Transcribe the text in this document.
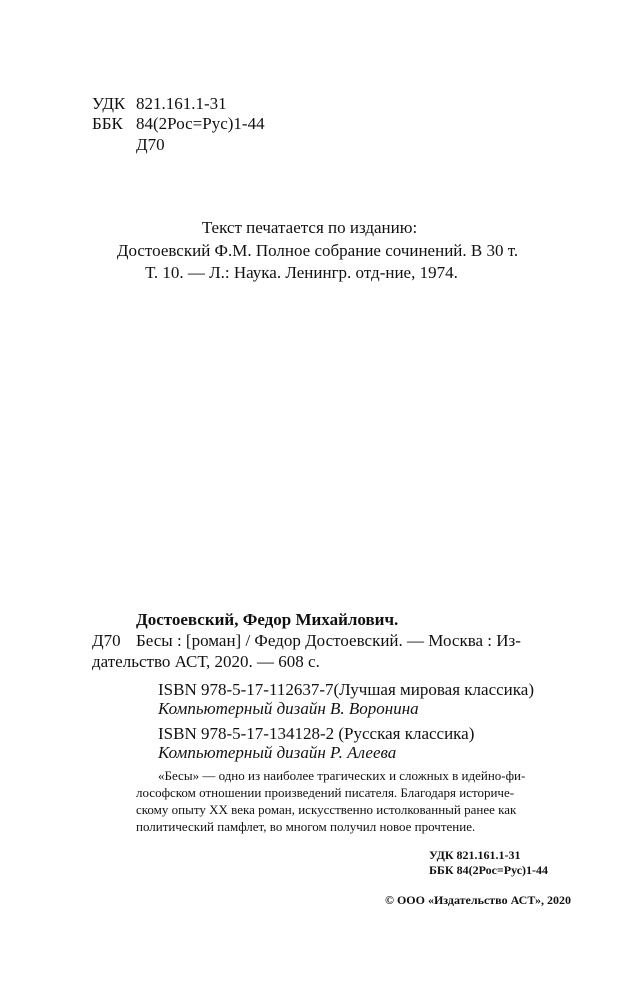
УДК 821.161.1-31
ББК 84(2Рос=Рус)1-44
Д70
Текст печатается по изданию:
Достоевский Ф.М. Полное собрание сочинений. В 30 т.
Т. 10. — Л.: Наука. Ленингр. отд-ние, 1974.
Достоевский, Федор Михайлович.
Д70 Бесы : [роман] / Федор Достоевский. — Москва : Из-
дательство АСТ, 2020. — 608 с.
ISBN 978-5-17-112637-7(Лучшая мировая классика)
Компьютерный дизайн В. Воронина
ISBN 978-5-17-134128-2 (Русская классика)
Компьютерный дизайн Р. Алеева
«Бесы» — одно из наиболее трагических и сложных в идейно-фи-
лософском отношении произведений писателя. Благодаря историче-
скому опыту XX века роман, искусственно истолкованный ранее как
политический памфлет, во многом получил новое прочтение.
УДК 821.161.1-31
ББК 84(2Рос=Рус)1-44
© ООО «Издательство АСТ», 2020
